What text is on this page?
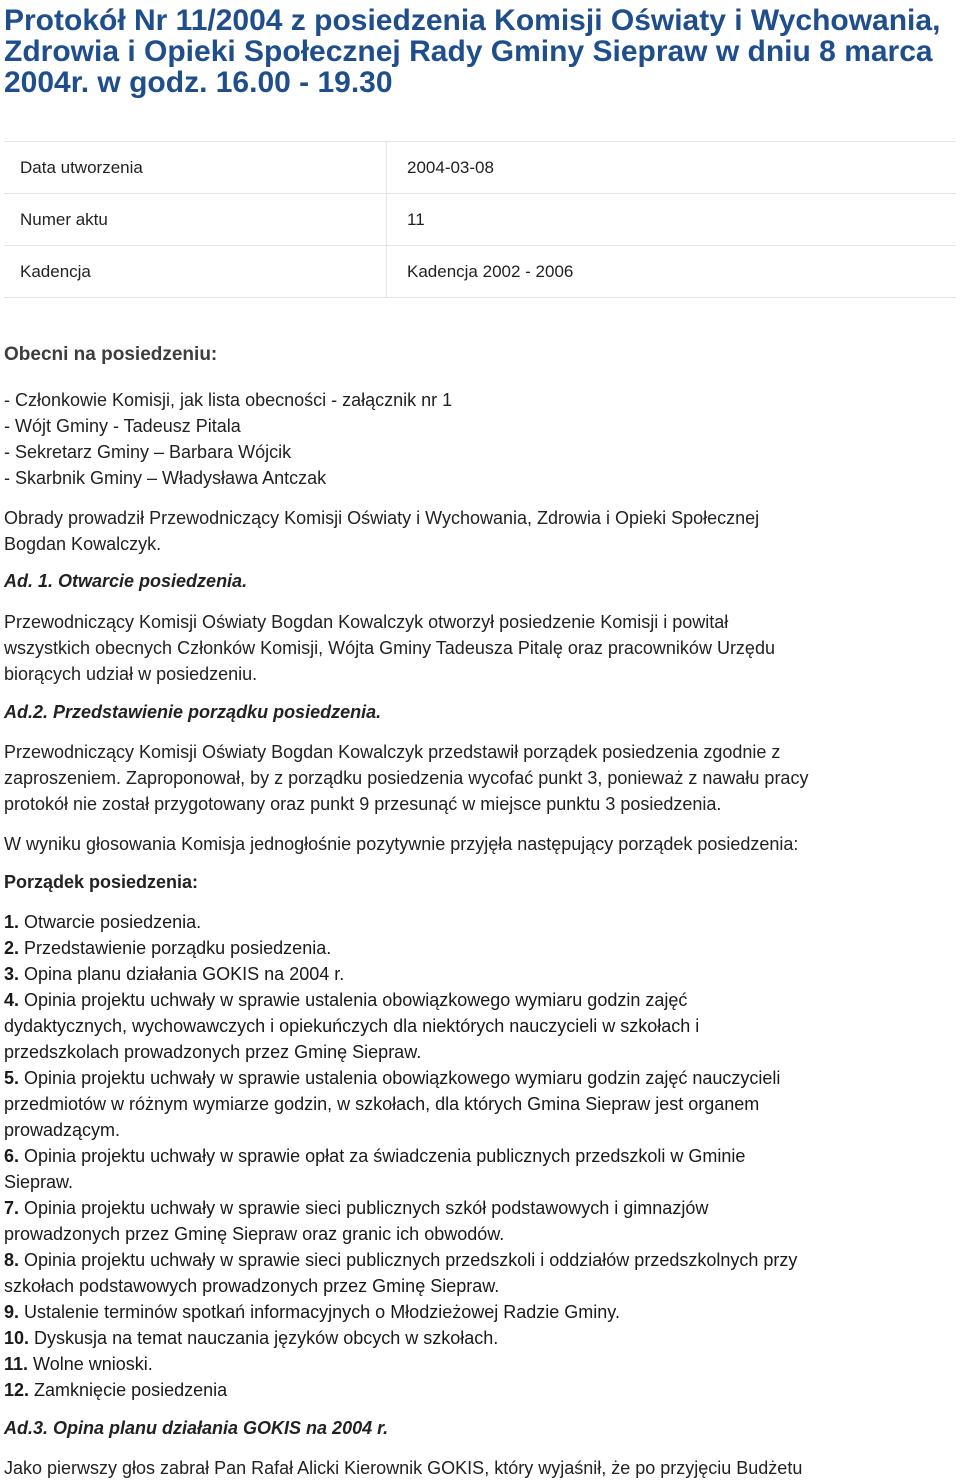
Protokół Nr 11/2004 z posiedzenia Komisji Oświaty i Wychowania, Zdrowia i Opieki Społecznej Rady Gminy Siepraw w dniu 8 marca 2004r. w godz. 16.00 - 19.30
Data utworzenia	2004-03-08
Numer aktu	11
Kadencja	Kadencja 2002 - 2006
Obecni na posiedzeniu:
- Członkowie Komisji, jak lista obecności - załącznik nr 1
- Wójt Gminy - Tadeusz Pitala
- Sekretarz Gminy – Barbara Wójcik
- Skarbnik Gminy – Władysława Antczak
Obrady prowadził Przewodniczący Komisji Oświaty i Wychowania, Zdrowia i Opieki Społecznej
Bogdan Kowalczyk.
Ad. 1. Otwarcie posiedzenia.
Przewodniczący Komisji Oświaty Bogdan Kowalczyk otworzył posiedzenie Komisji i powitał
wszystkich obecnych Członków Komisji, Wójta Gminy Tadeusza Pitalę oraz pracowników Urzędu
biorących udział w posiedzeniu.
Ad.2. Przedstawienie porządku posiedzenia.
Przewodniczący Komisji Oświaty Bogdan Kowalczyk przedstawił porządek posiedzenia zgodnie z
zaproszeniem. Zaproponował, by z porządku posiedzenia wycofać punkt 3, ponieważ z nawału pracy
protokół nie został przygotowany oraz punkt 9 przesunąć w miejsce punktu 3 posiedzenia.
W wyniku głosowania Komisja jednogłośnie pozytywnie przyjęła następujący porządek posiedzenia:
Porządek posiedzenia:
1. Otwarcie posiedzenia.
2. Przedstawienie porządku posiedzenia.
3. Opina planu działania GOKIS na 2004 r.
4. Opinia projektu uchwały w sprawie ustalenia obowiązkowego wymiaru godzin zajęć
dydaktycznych, wychowawczych i opiekuńczych dla niektórych nauczycieli w szkołach i
przedszkolach prowadzonych przez Gminę Siepraw.
5. Opinia projektu uchwały w sprawie ustalenia obowiązkowego wymiaru godzin zajęć nauczycieli
przedmiotów w różnym wymiarze godzin, w szkołach, dla których Gmina Siepraw jest organem
prowadzącym.
6. Opinia projektu uchwały w sprawie opłat za świadczenia publicznych przedszkoli w Gminie
Siepraw.
7. Opinia projektu uchwały w sprawie sieci publicznych szkół podstawowych i gimnazjów
prowadzonych przez Gminę Siepraw oraz granic ich obwodów.
8. Opinia projektu uchwały w sprawie sieci publicznych przedszkoli i oddziałów przedszkolnych przy
szkołach podstawowych prowadzonych przez Gminę Siepraw.
9. Ustalenie terminów spotkań informacyjnych o Młodzieżowej Radzie Gminy.
10. Dyskusja na temat nauczania języków obcych w szkołach.
11. Wolne wnioski.
12. Zamknięcie posiedzenia
Ad.3. Opina planu działania GOKIS na 2004 r.
Jako pierwszy głos zabrał Pan Rafał Alicki Kierownik GOKIS, który wyjaśnił, że po przyjęciu Budżetu
